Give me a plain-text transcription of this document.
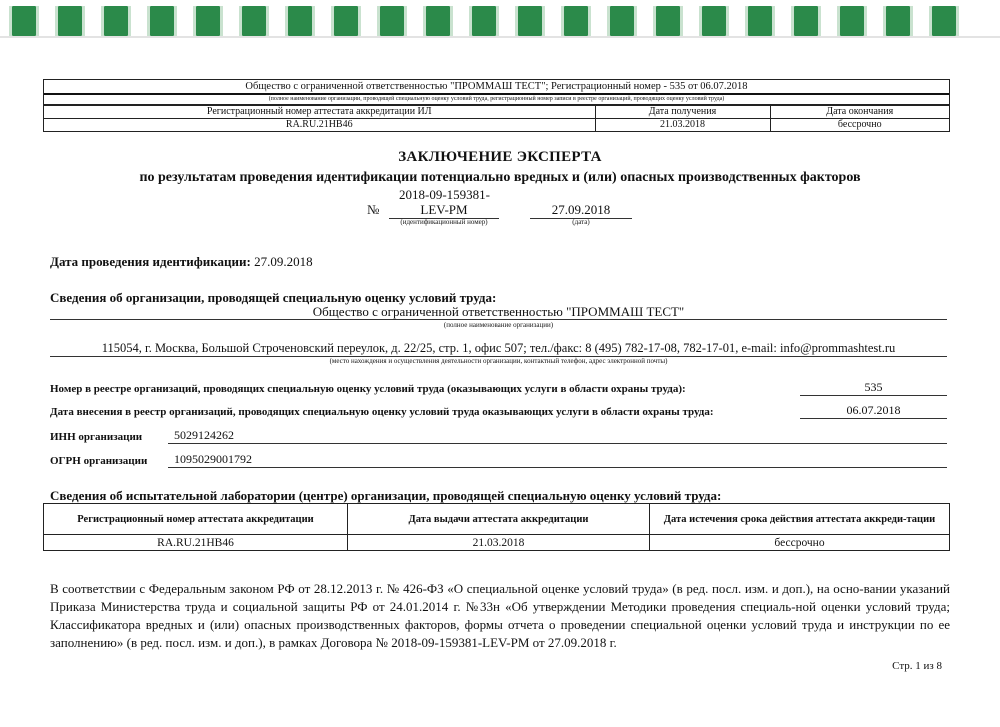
Общество с ограниченной ответственностью "ПРОММАШ ТЕСТ"; Регистрационный номер - 535 от 06.07.2018
(полное наименование организации, проводящей специальную оценку условий труда, регистрационный номер записи в реестре организаций, проводящих оценку условий труда)
Регистрационный номер аттестата аккредитации ИЛ	Дата получения	Дата окончания
RA.RU.21HB46	21.03.2018	бессрочно
ЗАКЛЮЧЕНИЕ ЭКСПЕРТА
по результатам проведения идентификации потенциально вредных и (или) опасных производственных факторов
2018-09-159381-
№	LEV-PM
(идентификационный номер)
27.09.2018
(дата)
Дата проведения идентификации: 27.09.2018
Сведения об организации, проводящей специальную оценку условий труда:
Общество с ограниченной ответственностью "ПРОММАШ ТЕСТ"
(полное наименование организации)
115054, г. Москва, Большой Строченовский переулок, д. 22/25, стр. 1, офис 507; тел./факс: 8 (495) 782-17-08, 782-17-01, e-mail: info@prommashtest.ru
(место нахождения и осуществления деятельности организации, контактный телефон, адрес электронной почты)
Номер в реестре организаций, проводящих специальную оценку условий труда (оказывающих услуги в области охраны труда):	535
Дата внесения в реестр организаций, проводящих специальную оценку условий труда оказывающих услуги в области охраны труда:	06.07.2018
ИНН организации	5029124262
ОГРН организации	1095029001792
Сведения об испытательной лаборатории (центре) организации, проводящей специальную оценку условий труда:
Регистрационный номер аттестата аккредитации	Дата выдачи аттестата аккредитации	Дата истечения срока действия аттестата аккреди-тации
RA.RU.21HB46	21.03.2018	бессрочно
В соответствии с Федеральным законом РФ от 28.12.2013 г. № 426-ФЗ «О специальной оценке условий труда» (в ред. посл. изм. и доп.), на осно-вании указаний Приказа Министерства труда и социальной защиты РФ от 24.01.2014 г. №33н «Об утверждении Методики проведения специаль-ной оценки условий труда; Классификатора вредных и (или) опасных производственных факторов, формы отчета о проведении специальной оценки условий труда и инструкции по ее заполнению» (в ред. посл. изм. и доп.), в рамках Договора № 2018-09-159381-LEV-PM от 27.09.2018 г.
Стр. 1 из 8
